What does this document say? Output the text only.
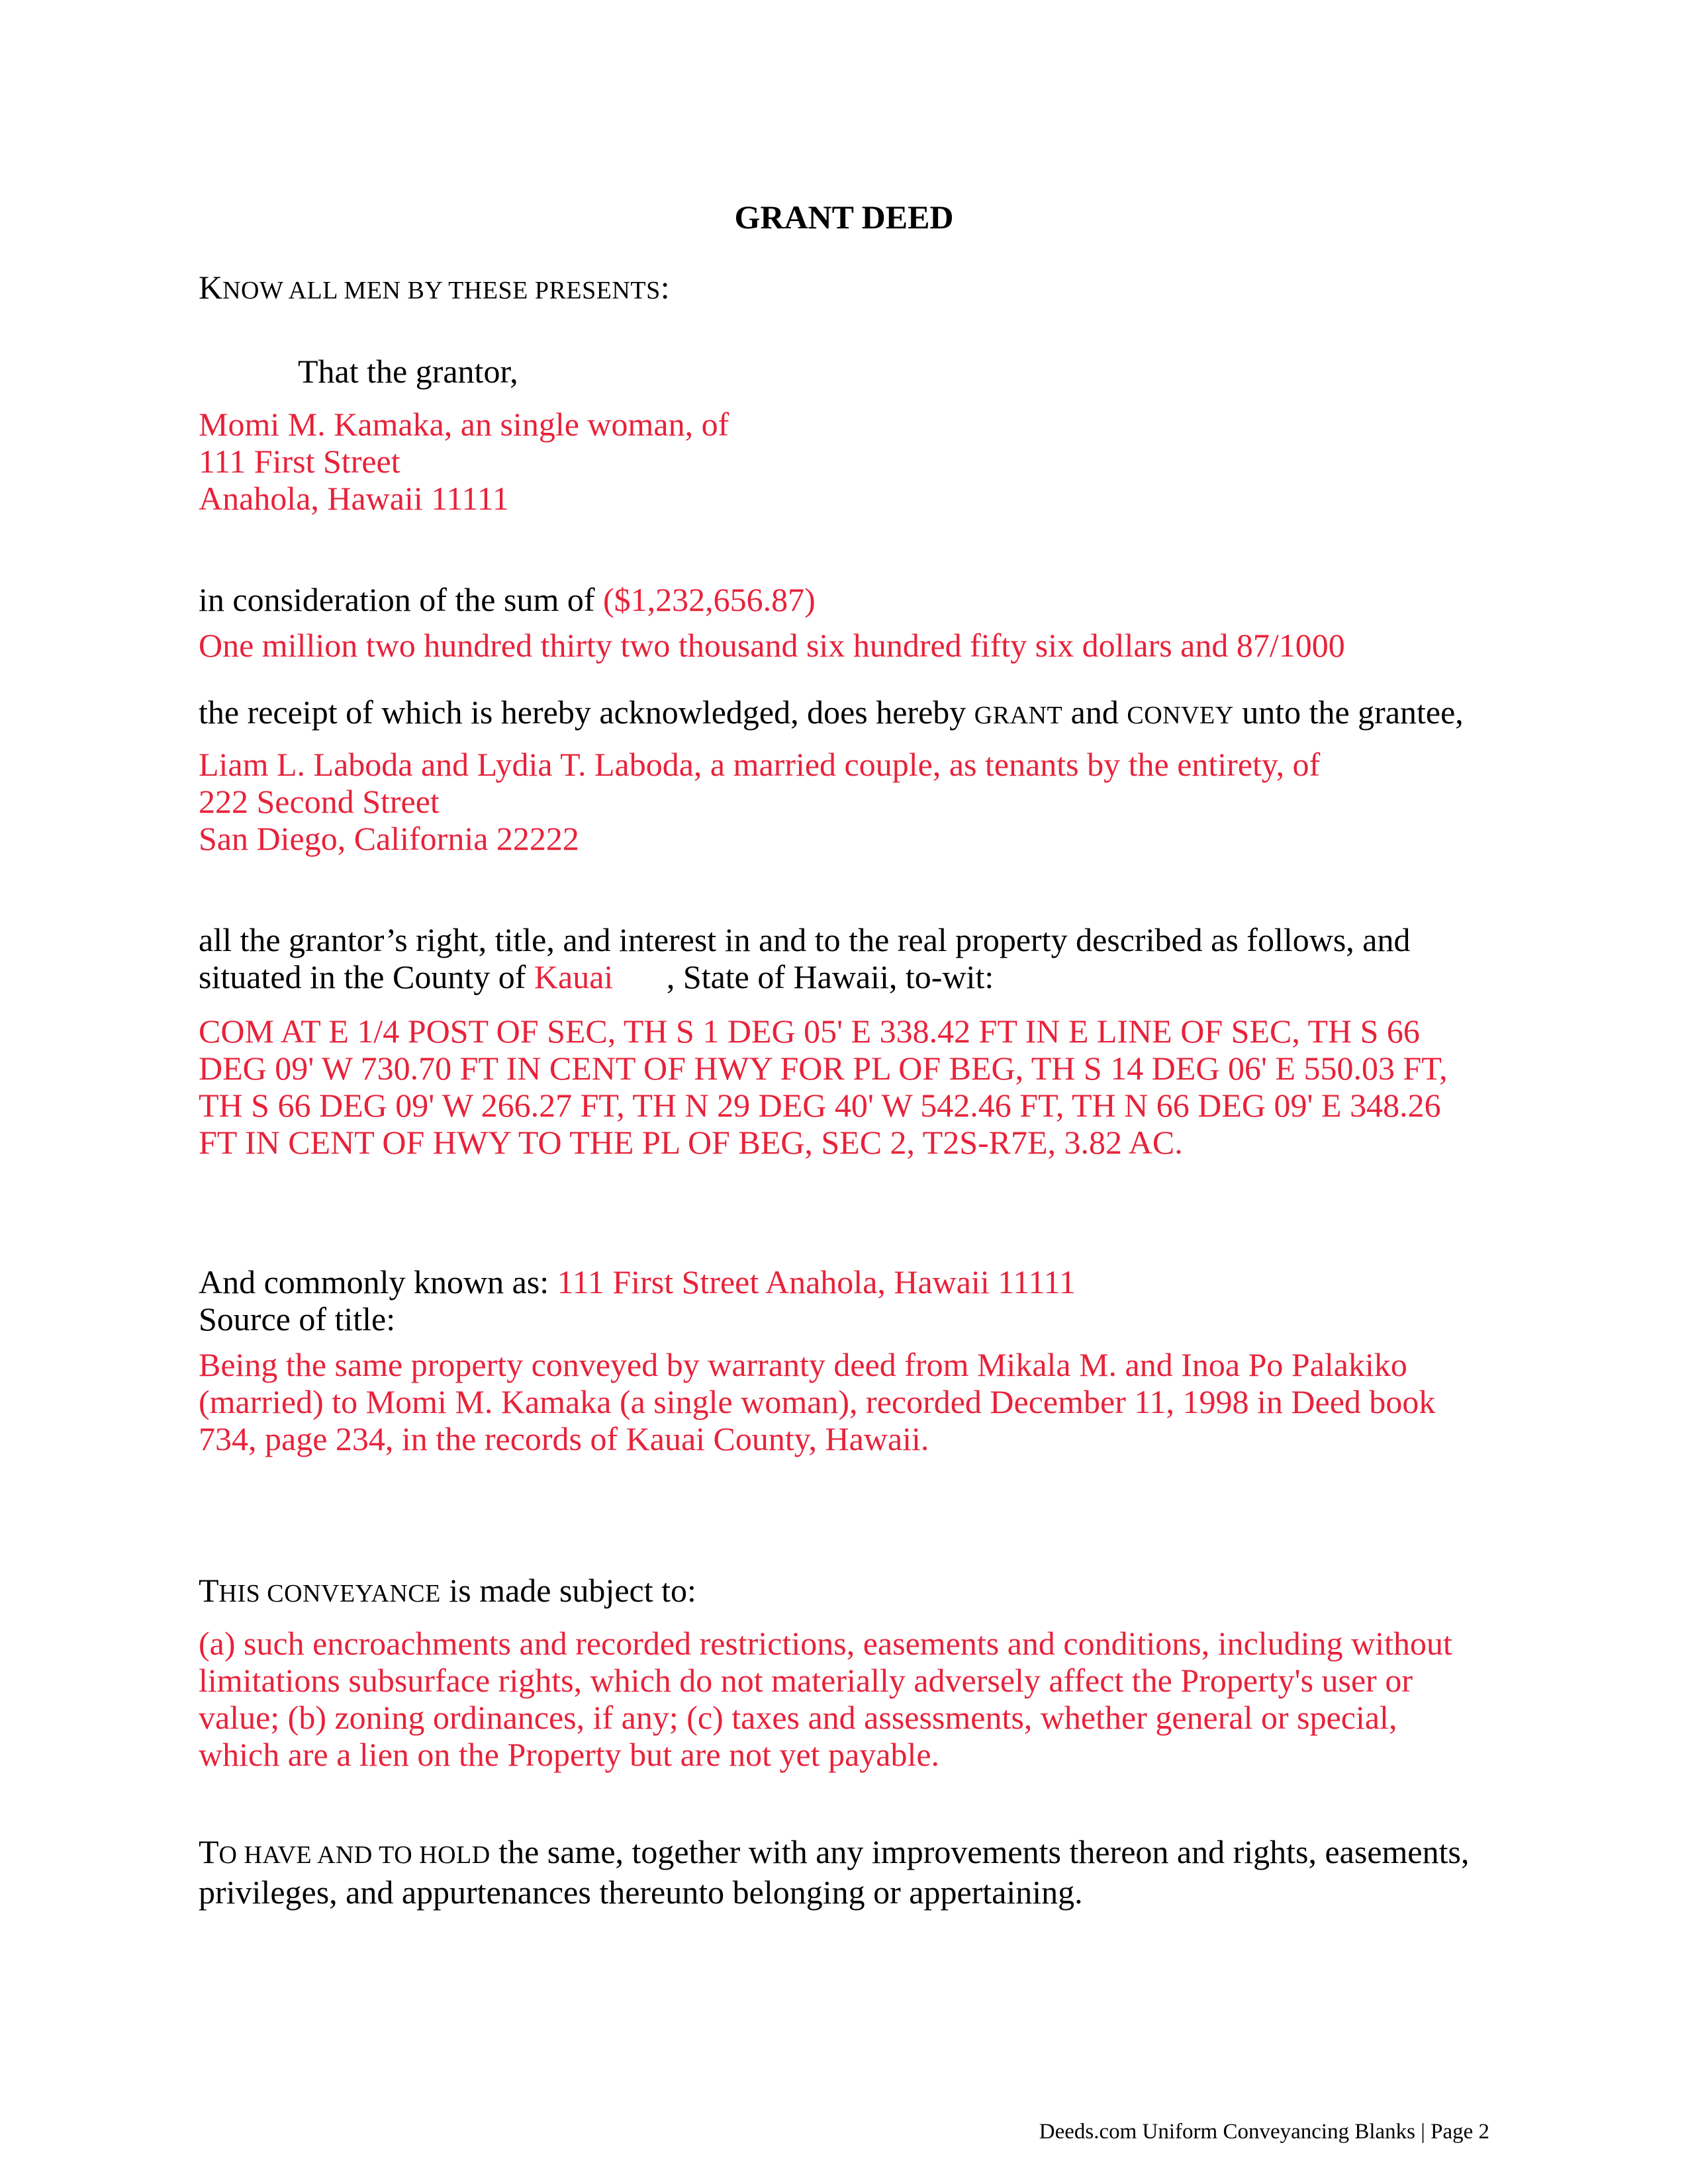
GRANT DEED
KNOW ALL MEN BY THESE PRESENTS:
That the grantor,
Momi M. Kamaka, an single woman, of
111 First Street
Anahola, Hawaii 11111
in consideration of the sum of ($1,232,656.87)
One million two hundred thirty two thousand six hundred fifty six dollars and 87/1000
the receipt of which is hereby acknowledged, does hereby GRANT and CONVEY unto the grantee,
Liam L. Laboda and Lydia T. Laboda, a married couple, as tenants by the entirety, of
222 Second Street
San Diego, California 22222
all the grantor’s right, title, and interest in and to the real property described as follows, and
situated in the County of Kauai , State of Hawaii, to-wit:
COM AT E 1/4 POST OF SEC, TH S 1 DEG 05' E 338.42 FT IN E LINE OF SEC, TH S 66
DEG 09' W 730.70 FT IN CENT OF HWY FOR PL OF BEG, TH S 14 DEG 06' E 550.03 FT,
TH S 66 DEG 09' W 266.27 FT, TH N 29 DEG 40' W 542.46 FT, TH N 66 DEG 09' E 348.26
FT IN CENT OF HWY TO THE PL OF BEG, SEC 2, T2S-R7E, 3.82 AC.
And commonly known as: 111 First Street Anahola, Hawaii 11111
Source of title:
Being the same property conveyed by warranty deed from Mikala M. and Inoa Po Palakiko
(married) to Momi M. Kamaka (a single woman), recorded December 11, 1998 in Deed book
734, page 234, in the records of Kauai County, Hawaii.
THIS CONVEYANCE is made subject to:
(a) such encroachments and recorded restrictions, easements and conditions, including without
limitations subsurface rights, which do not materially adversely affect the Property's user or
value; (b) zoning ordinances, if any; (c) taxes and assessments, whether general or special,
which are a lien on the Property but are not yet payable.
TO HAVE AND TO HOLD the same, together with any improvements thereon and rights, easements,
privileges, and appurtenances thereunto belonging or appertaining.
Deeds.com Uniform Conveyancing Blanks | Page 2
